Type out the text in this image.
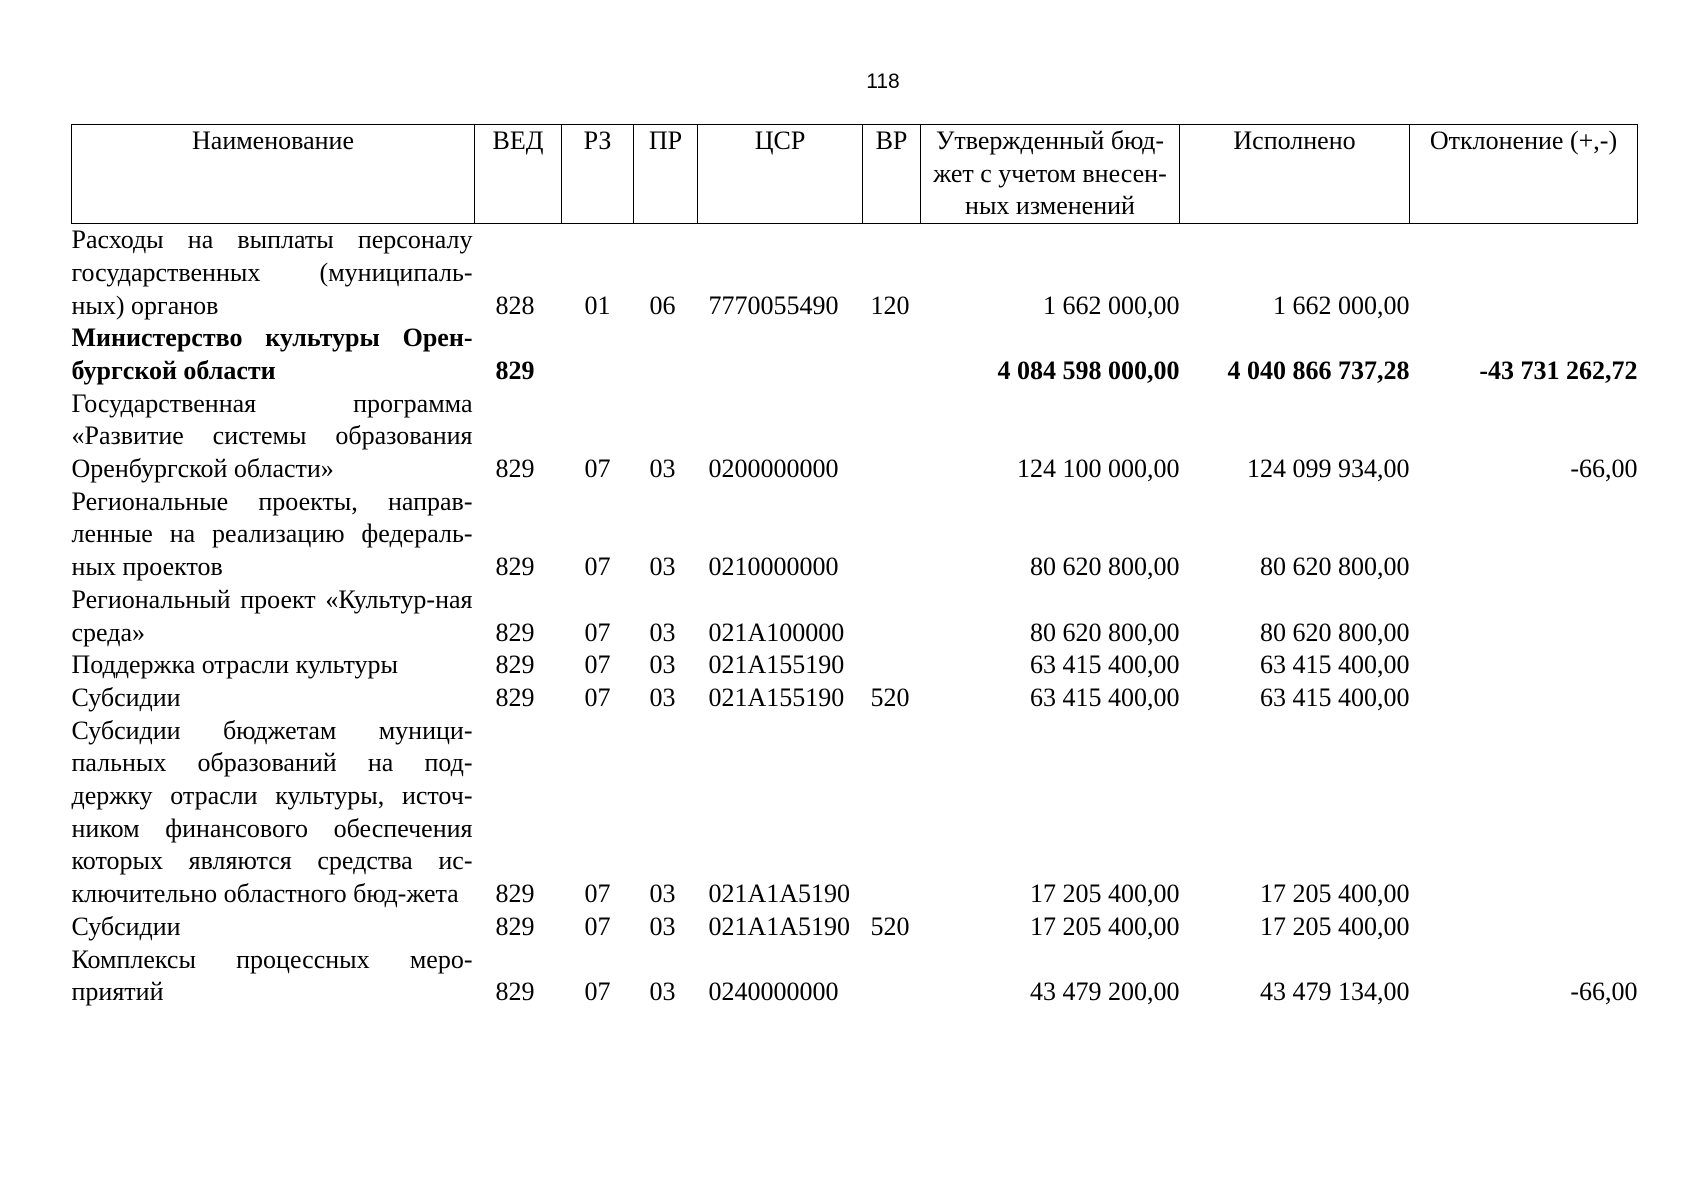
118
Наименование	ВЕД	РЗ	ПР	ЦСР	ВР	Утвержденный бюд-жет с учетом внесен-ных изменений	Исполнено	Отклонение (+,-)
Расходы на выплаты персоналу государственных (муниципаль-ных) органов	828	01	06	7770055490	120	1 662 000,00	1 662 000,00	
Министерство культуры Орен-бургской области	829					4 084 598 000,00	4 040 866 737,28	-43 731 262,72
Государственная программа «Развитие системы образования Оренбургской области»	829	07	03	0200000000		124 100 000,00	124 099 934,00	-66,00
Региональные проекты, направ-ленные на реализацию федераль-ных проектов	829	07	03	0210000000		80 620 800,00	80 620 800,00	
Региональный проект «Культур-ная среда»	829	07	03	021A100000		80 620 800,00	80 620 800,00	
Поддержка отрасли культуры	829	07	03	021A155190		63 415 400,00	63 415 400,00	
Субсидии	829	07	03	021A155190	520	63 415 400,00	63 415 400,00	
Субсидии бюджетам муници-пальных образований на под-держку отрасли культуры, источ-ником финансового обеспечения которых являются средства ис-ключительно областного бюд-жета	829	07	03	021A1A5190		17 205 400,00	17 205 400,00	
Субсидии	829	07	03	021A1A5190	520	17 205 400,00	17 205 400,00	
Комплексы процессных меро-приятий	829	07	03	0240000000		43 479 200,00	43 479 134,00	-66,00
